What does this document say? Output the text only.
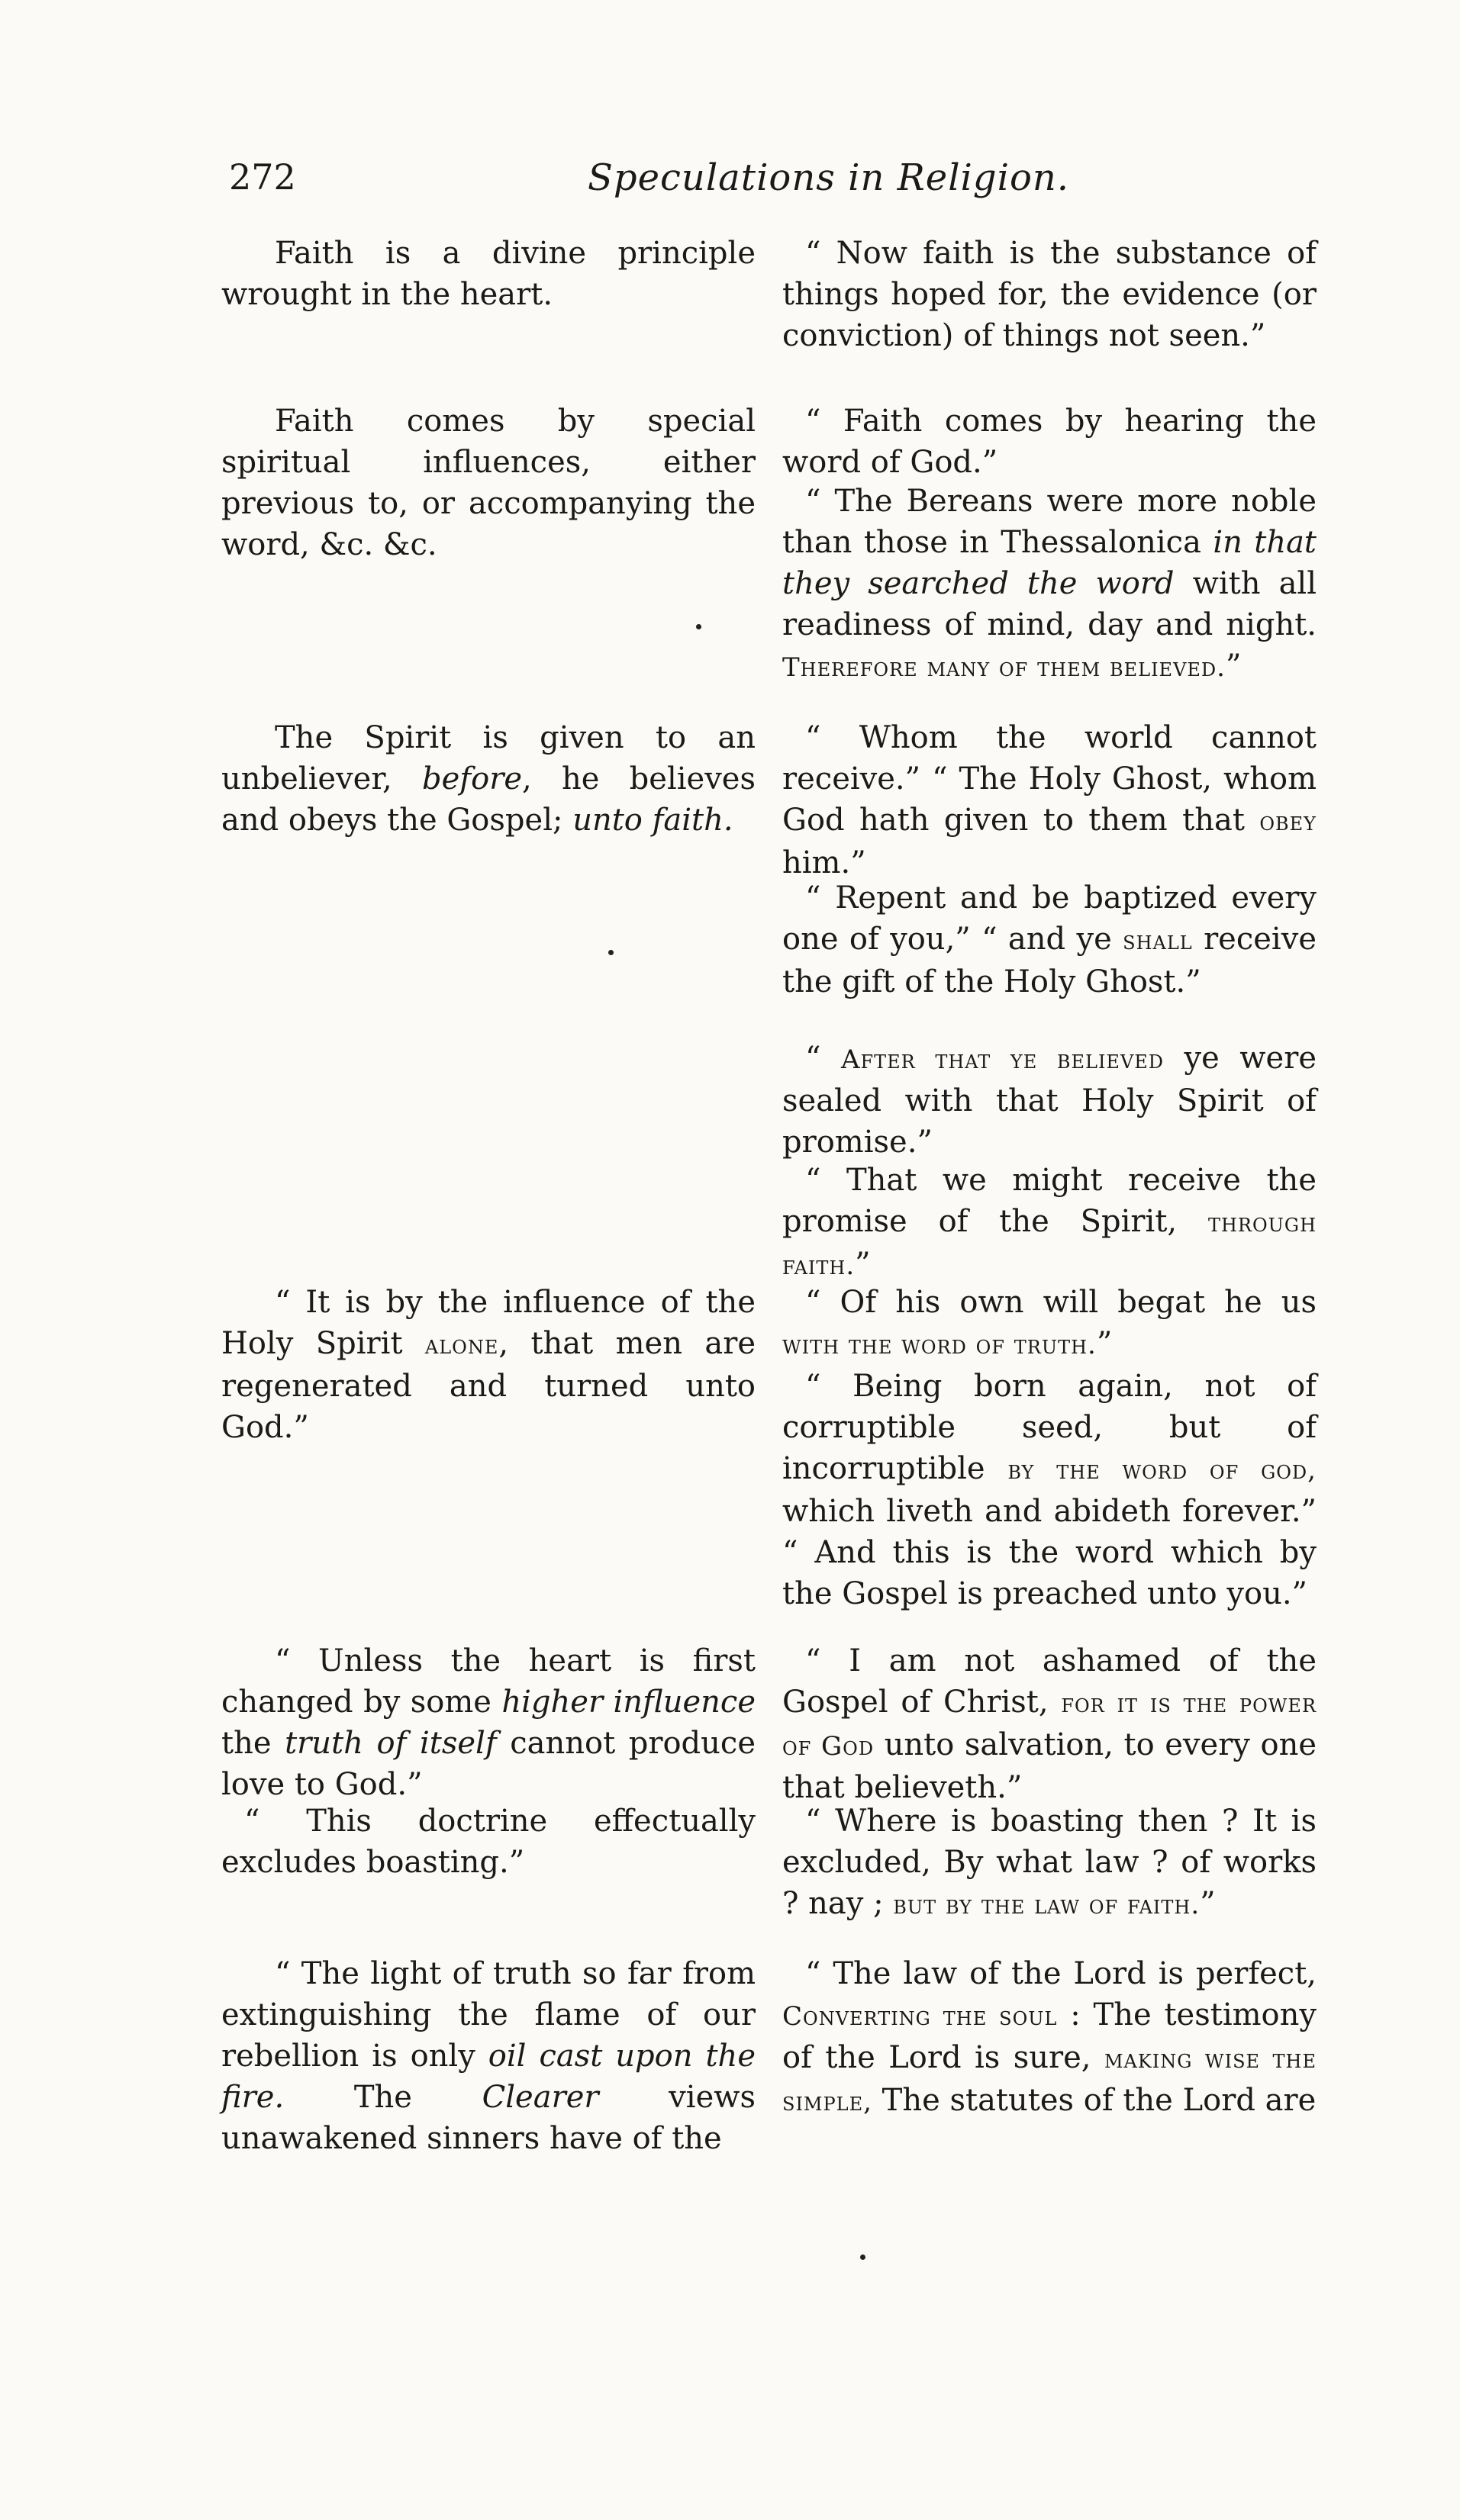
272	Speculations in Religion.

Faith is a divine principle wrought in the heart.

Faith comes by special spiritual influences, either previous to, or accompanying the word, &c. &c.

The Spirit is given to an unbeliever, before, he believes and obeys the Gospel; unto faith.

“ It is by the influence of the Holy Spirit alone, that men are regenerated and turned unto God.”

“ Unless the heart is first changed by some higher influence the truth of itself cannot produce love to God.”

“ This doctrine effectually excludes boasting.”

“ The light of truth so far from extinguishing the flame of our rebellion is only oil cast upon the fire. The Clearer views unawakened sinners have of the

“ Now faith is the substance of things hoped for, the evidence (or conviction) of things not seen.”

“ Faith comes by hearing the word of God.”

“ The Bereans were more noble than those in Thessalonica in that they searched the word with all readiness of mind, day and night. Therefore many of them believed.”

“ Whom the world cannot receive.” “ The Holy Ghost, whom God hath given to them that obey him.”

“ Repent and be baptized every one of you,” “ and ye shall receive the gift of the Holy Ghost.”

“ After that ye believed ye were sealed with that Holy Spirit of promise.”

“ That we might receive the promise of the Spirit, through faith.”

“ Of his own will begat he us with the word of truth.”

“ Being born again, not of corruptible seed, but of incorruptible by the word of god, which liveth and abideth forever.” “ And this is the word which by the Gospel is preached unto you.”

“ I am not ashamed of the Gospel of Christ, for it is the power of God unto salvation, to every one that believeth.”

“ Where is boasting then ? It is excluded, By what law ? of works ? nay ; but by the law of faith.”

“ The law of the Lord is perfect, Converting the soul : The testimony of the Lord is sure, making wise the simple, The statutes of the Lord are
